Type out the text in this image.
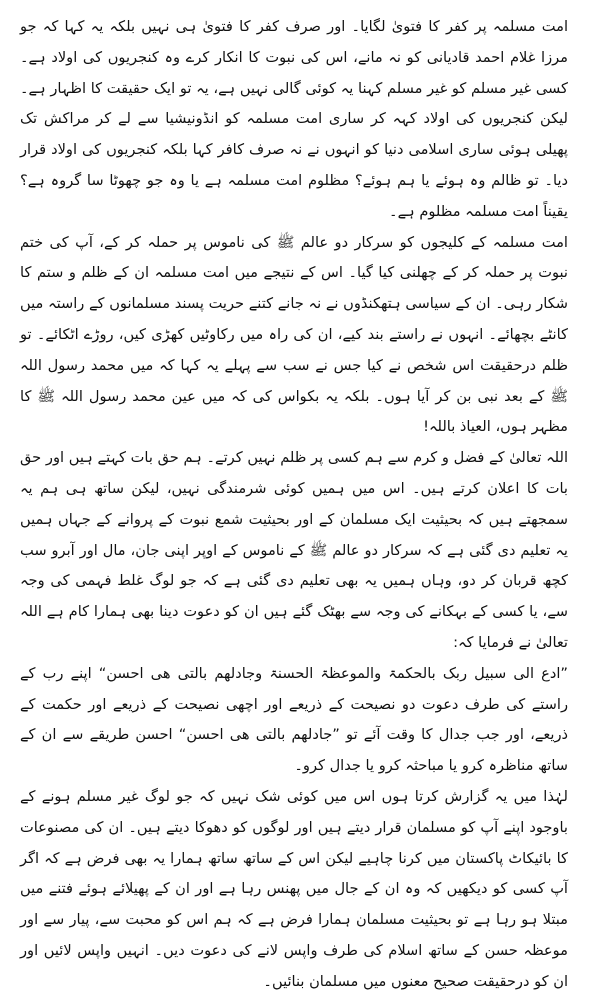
امت مسلمہ پر کفر کا فتویٰ لگایا۔ اور صرف کفر کا فتویٰ ہی نہیں بلکہ یہ کہا کہ جو مرزا غلام احمد قادیانی کو نہ مانے، اس کی نبوت کا انکار کرے وہ کنجریوں کی اولاد ہے۔ کسی غیر مسلم کو غیر مسلم کہنا یہ کوئی گالی نہیں ہے، یہ تو ایک حقیقت کا اظہار ہے۔ لیکن کنجریوں کی اولاد کہہ کر ساری امت مسلمہ کو انڈونیشیا سے لے کر مراکش تک پھیلی ہوئی ساری اسلامی دنیا کو انہوں نے نہ صرف کافر کہا بلکہ کنجریوں کی اولاد قرار دیا۔ تو ظالم وہ ہوئے یا ہم ہوئے؟ مظلوم امت مسلمہ ہے یا وہ جو چھوٹا سا گروہ ہے؟ یقیناً امت مسلمہ مظلوم ہے۔

امت مسلمہ کے کلیجوں کو سرکار دو عالم ﷺ کی ناموس پر حملہ کر کے، آپ کی ختم نبوت پر حملہ کر کے چھلنی کیا گیا۔ اس کے نتیجے میں امت مسلمہ ان کے ظلم و ستم کا شکار رہی۔ ان کے سیاسی ہتھکنڈوں نے نہ جانے کتنے حریت پسند مسلمانوں کے راستہ میں کانٹے بچھائے۔ انہوں نے راستے بند کیے، ان کی راہ میں رکاوٹیں کھڑی کیں، روڑے اٹکائے۔ تو ظلم درحقیقت اس شخص نے کیا جس نے سب سے پہلے یہ کہا کہ میں محمد رسول اللہ ﷺ کے بعد نبی بن کر آیا ہوں۔ بلکہ یہ بکواس کی کہ میں عین محمد رسول اللہ ﷺ کا مظہر ہوں، العیاذ باللہ!

اللہ تعالیٰ کے فضل و کرم سے ہم کسی پر ظلم نہیں کرتے۔ ہم حق بات کہتے ہیں اور حق بات کا اعلان کرتے ہیں۔ اس میں ہمیں کوئی شرمندگی نہیں، لیکن ساتھ ہی ہم یہ سمجھتے ہیں کہ بحیثیت ایک مسلمان کے اور بحیثیت شمع نبوت کے پروانے کے جہاں ہمیں یہ تعلیم دی گئی ہے کہ سرکار دو عالم ﷺ کے ناموس کے اوپر اپنی جان، مال اور آبرو سب کچھ قربان کر دو، وہاں ہمیں یہ بھی تعلیم دی گئی ہے کہ جو لوگ غلط فہمی کی وجہ سے، یا کسی کے بہکانے کی وجہ سے بھٹک گئے ہیں ان کو دعوت دینا بھی ہمارا کام ہے اللہ تعالیٰ نے فرمایا کہ:

”ادع الی سبیل ربک بالحکمۃ والموعظۃ الحسنۃ وجادلھم بالتی ھی احسن“ اپنے رب کے راستے کی طرف دعوت دو نصیحت کے ذریعے اور اچھی نصیحت کے ذریعے اور حکمت کے ذریعے، اور جب جدال کا وقت آئے تو ”جادلھم بالتی ھی احسن“ احسن طریقے سے ان کے ساتھ مناظرہ کرو یا مباحثہ کرو یا جدال کرو۔

لہٰذا میں یہ گزارش کرتا ہوں اس میں کوئی شک نہیں کہ جو لوگ غیر مسلم ہونے کے باوجود اپنے آپ کو مسلمان قرار دیتے ہیں اور لوگوں کو دھوکا دیتے ہیں۔ ان کی مصنوعات کا بائیکاٹ پاکستان میں کرنا چاہیے لیکن اس کے ساتھ ساتھ ہمارا یہ بھی فرض ہے کہ اگر آپ کسی کو دیکھیں کہ وہ ان کے جال میں پھنس رہا ہے اور ان کے پھیلائے ہوئے فتنے میں مبتلا ہو رہا ہے تو بحیثیت مسلمان ہمارا فرض ہے کہ ہم اس کو محبت سے، پیار سے اور موعظہ حسن کے ساتھ اسلام کی طرف واپس لانے کی دعوت دیں۔ انہیں واپس لائیں اور ان کو درحقیقت صحیح معنوں میں مسلمان بنائیں۔
